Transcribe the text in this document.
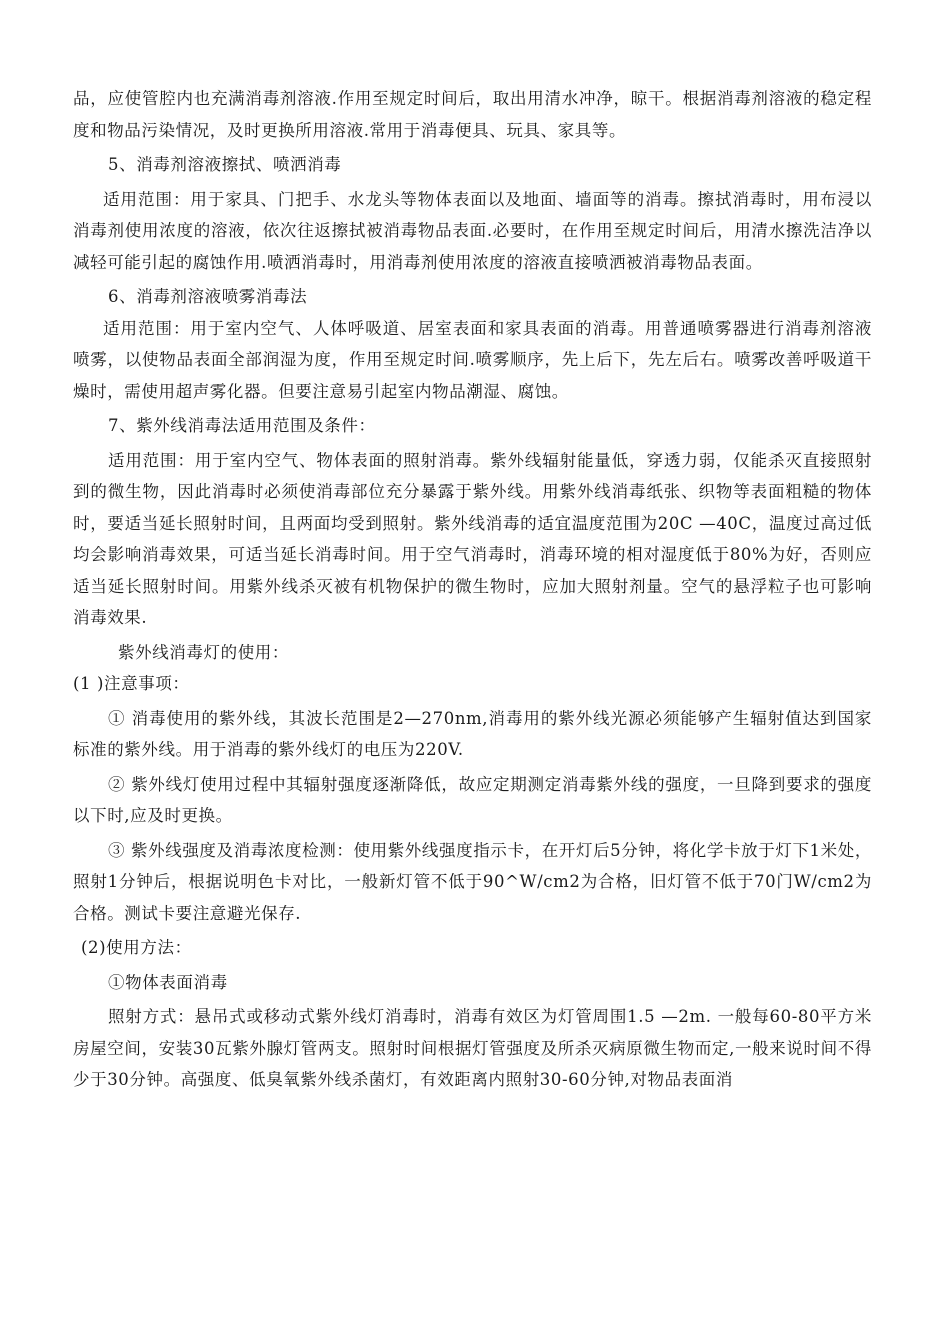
品，应使管腔内也充满消毒剂溶液.作用至规定时间后，取出用清水冲净，晾干。根据消毒剂溶液的稳定程度和物品污染情况，及时更换所用溶液.常用于消毒便具、玩具、家具等。

5、消毒剂溶液擦拭、喷洒消毒

适用范围：用于家具、门把手、水龙头等物体表面以及地面、墙面等的消毒。擦拭消毒时，用布浸以消毒剂使用浓度的溶液，依次往返擦拭被消毒物品表面.必要时，在作用至规定时间后，用清水擦洗洁净以减轻可能引起的腐蚀作用.喷洒消毒时，用消毒剂使用浓度的溶液直接喷洒被消毒物品表面。

6、消毒剂溶液喷雾消毒法

适用范围：用于室内空气、人体呼吸道、居室表面和家具表面的消毒。用普通喷雾器进行消毒剂溶液喷雾，以使物品表面全部润湿为度，作用至规定时间.喷雾顺序，先上后下，先左后右。喷雾改善呼吸道干燥时，需使用超声雾化器。但要注意易引起室内物品潮湿、腐蚀。

7、紫外线消毒法适用范围及条件：

适用范围：用于室内空气、物体表面的照射消毒。紫外线辐射能量低，穿透力弱，仅能杀灭直接照射到的微生物，因此消毒时必须使消毒部位充分暴露于紫外线。用紫外线消毒纸张、织物等表面粗糙的物体时，要适当延长照射时间，且两面均受到照射。紫外线消毒的适宜温度范围为20C —40C，温度过高过低均会影响消毒效果，可适当延长消毒时间。用于空气消毒时，消毒环境的相对湿度低于80%为好，否则应适当延长照射时间。用紫外线杀灭被有机物保护的微生物时，应加大照射剂量。空气的悬浮粒子也可影响消毒效果.

紫外线消毒灯的使用：

(1 )注意事项：

① 消毒使用的紫外线，其波长范围是2—270nm,消毒用的紫外线光源必须能够产生辐射值达到国家标准的紫外线。用于消毒的紫外线灯的电压为220V.

② 紫外线灯使用过程中其辐射强度逐渐降低，故应定期测定消毒紫外线的强度，一旦降到要求的强度以下时,应及时更换。

③ 紫外线强度及消毒浓度检测：使用紫外线强度指示卡，在开灯后5分钟，将化学卡放于灯下1米处，照射1分钟后，根据说明色卡对比，一般新灯管不低于90^W/cm2为合格，旧灯管不低于70门W/cm2为合格。测试卡要注意避光保存.

(2)使用方法：

①物体表面消毒

照射方式：悬吊式或移动式紫外线灯消毒时，消毒有效区为灯管周围1.5 —2m. 一般每60-80平方米房屋空间，安装30瓦紫外腺灯管两支。照射时间根据灯管强度及所杀灭病原微生物而定,一般来说时间不得少于30分钟。高强度、低臭氧紫外线杀菌灯，有效距离内照射30-60分钟,对物品表面消
